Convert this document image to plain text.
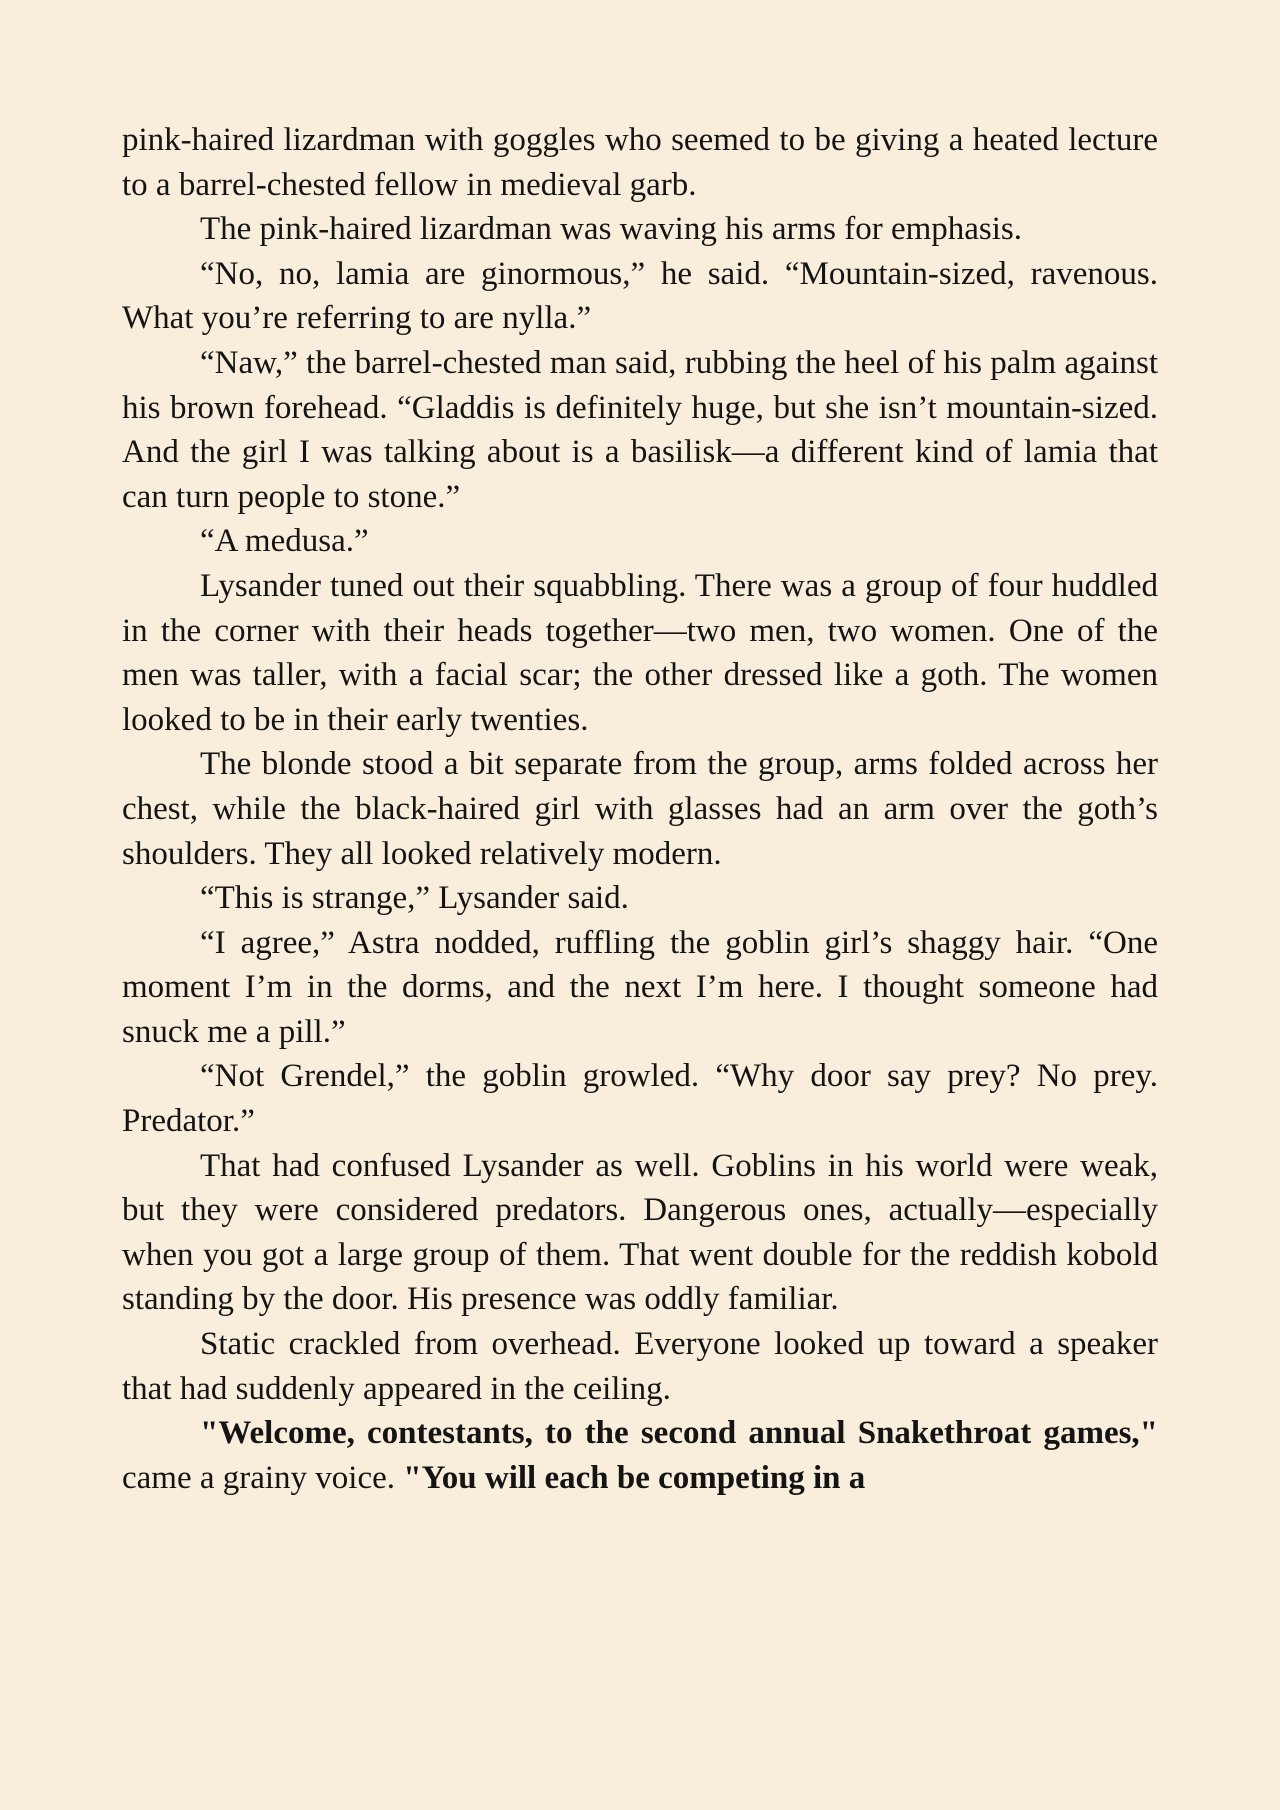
pink-haired lizardman with goggles who seemed to be giving a heated lecture to a barrel-chested fellow in medieval garb.

The pink-haired lizardman was waving his arms for emphasis.

“No, no, lamia are ginormous,” he said. “Mountain-sized, ravenous. What you’re referring to are nylla.”

“Naw,” the barrel-chested man said, rubbing the heel of his palm against his brown forehead. “Gladdis is definitely huge, but she isn’t mountain-sized. And the girl I was talking about is a basilisk—a different kind of lamia that can turn people to stone.”

“A medusa.”

Lysander tuned out their squabbling. There was a group of four huddled in the corner with their heads together—two men, two women. One of the men was taller, with a facial scar; the other dressed like a goth. The women looked to be in their early twenties.

The blonde stood a bit separate from the group, arms folded across her chest, while the black-haired girl with glasses had an arm over the goth’s shoulders. They all looked relatively modern.

“This is strange,” Lysander said.

“I agree,” Astra nodded, ruffling the goblin girl’s shaggy hair. “One moment I’m in the dorms, and the next I’m here. I thought someone had snuck me a pill.”

“Not Grendel,” the goblin growled. “Why door say prey? No prey. Predator.”

That had confused Lysander as well. Goblins in his world were weak, but they were considered predators. Dangerous ones, actually—especially when you got a large group of them. That went double for the reddish kobold standing by the door. His presence was oddly familiar.

Static crackled from overhead. Everyone looked up toward a speaker that had suddenly appeared in the ceiling.

"Welcome, contestants, to the second annual Snakethroat games," came a grainy voice. "You will each be competing in a
